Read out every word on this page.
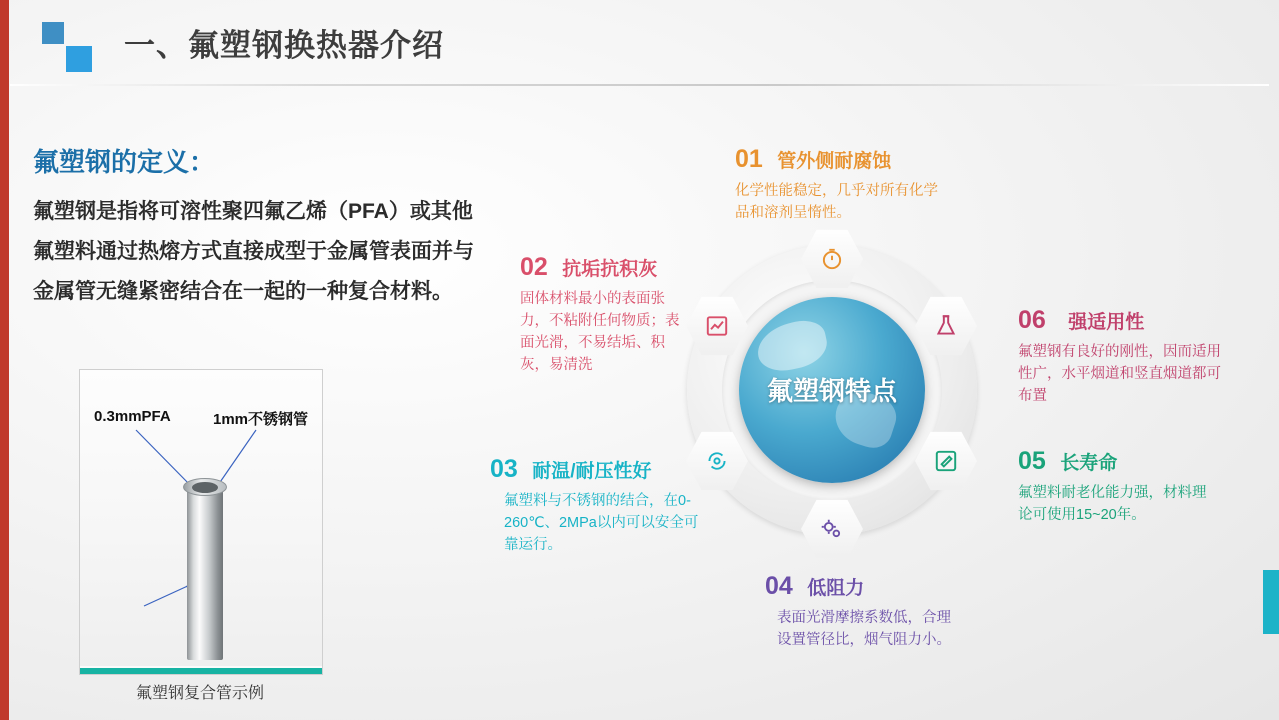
一、氟塑钢换热器介绍
氟塑钢的定义：
氟塑钢是指将可溶性聚四氟乙烯（PFA）或其他氟塑料通过热熔方式直接成型于金属管表面并与金属管无缝紧密结合在一起的一种复合材料。
0.3mmPFA	1mm不锈钢管
氟塑钢复合管示例
氟塑钢特点
01 管外侧耐腐蚀
化学性能稳定，几乎对所有化学品和溶剂呈惰性。
02 抗垢抗积灰
固体材料最小的表面张力，不粘附任何物质；表面光滑，不易结垢、积灰，易清洗
03 耐温/耐压性好
氟塑料与不锈钢的结合，在0-260℃、2MPa以内可以安全可靠运行。
04 低阻力
表面光滑摩擦系数低，合理设置管径比，烟气阻力小。
05 长寿命
氟塑料耐老化能力强，材料理论可使用15~20年。
06 强适用性
氟塑钢有良好的刚性，因而适用性广，水平烟道和竖直烟道都可布置
